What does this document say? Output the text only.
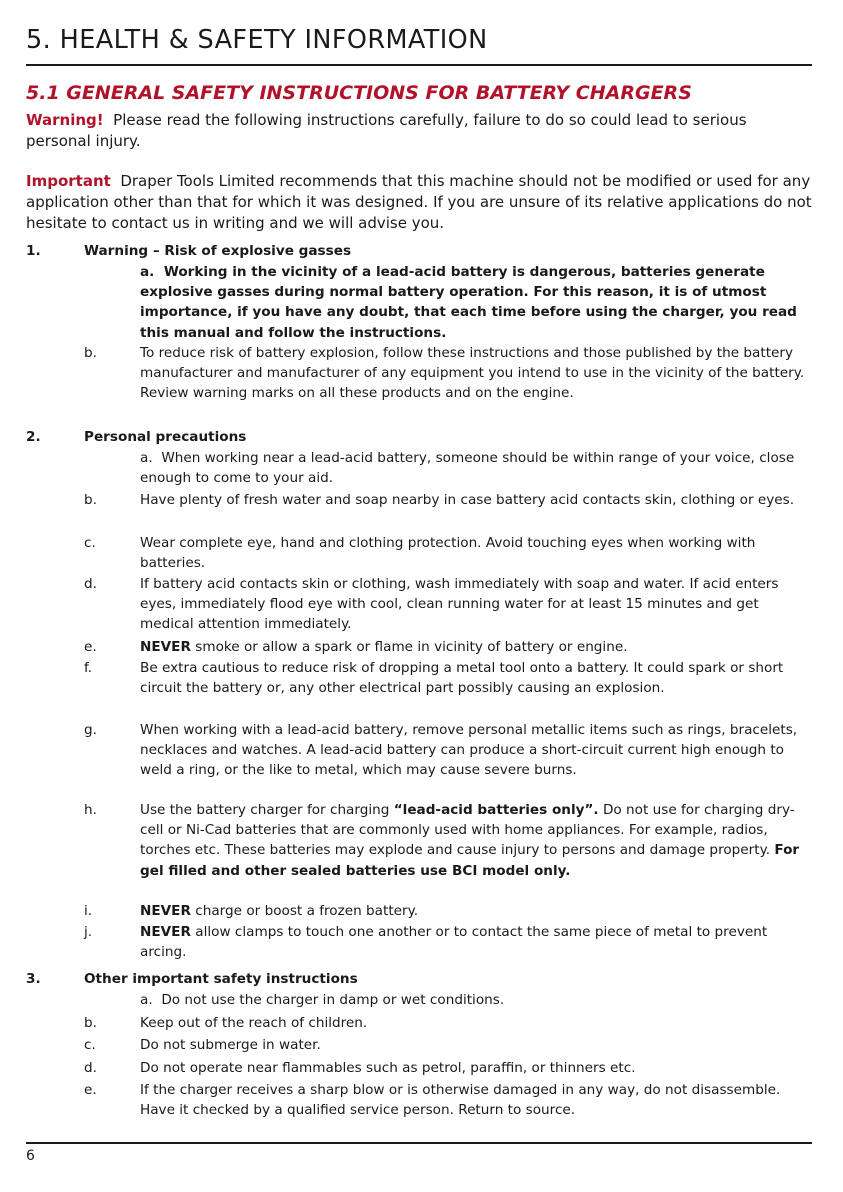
5. HEALTH & SAFETY INFORMATION
5.1 GENERAL SAFETY INSTRUCTIONS FOR BATTERY CHARGERS

Warning! Please read the following instructions carefully, failure to do so could lead to serious personal injury.

Important Draper Tools Limited recommends that this machine should not be modified or used for any application other than that for which it was designed. If you are unsure of its relative applications do not hesitate to contact us in writing and we will advise you.

1.	Warning – Risk of explosive gasses
a. Working in the vicinity of a lead-acid battery is dangerous, batteries generate explosive gasses during normal battery operation. For this reason, it is of utmost importance, if you have any doubt, that each time before using the charger, you read this manual and follow the instructions.
b.	To reduce risk of battery explosion, follow these instructions and those published by the battery manufacturer and manufacturer of any equipment you intend to use in the vicinity of the battery. Review warning marks on all these products and on the engine.
2.	Personal precautions
a. When working near a lead-acid battery, someone should be within range of your voice, close enough to come to your aid.
b.	Have plenty of fresh water and soap nearby in case battery acid contacts skin, clothing or eyes.
c.	Wear complete eye, hand and clothing protection. Avoid touching eyes when working with batteries.
d.	If battery acid contacts skin or clothing, wash immediately with soap and water. If acid enters eyes, immediately flood eye with cool, clean running water for at least 15 minutes and get medical attention immediately.
e.	NEVER smoke or allow a spark or flame in vicinity of battery or engine.
f.	Be extra cautious to reduce risk of dropping a metal tool onto a battery. It could spark or short circuit the battery or, any other electrical part possibly causing an explosion.
g.	When working with a lead-acid battery, remove personal metallic items such as rings, bracelets, necklaces and watches. A lead-acid battery can produce a short-circuit current high enough to weld a ring, or the like to metal, which may cause severe burns.
h.	Use the battery charger for charging “lead-acid batteries only”. Do not use for charging dry-cell or Ni-Cad batteries that are commonly used with home appliances. For example, radios, torches etc. These batteries may explode and cause injury to persons and damage property. For gel filled and other sealed batteries use BCI model only.
i.	NEVER charge or boost a frozen battery.
j.	NEVER allow clamps to touch one another or to contact the same piece of metal to prevent arcing.
3.	Other important safety instructions
a. Do not use the charger in damp or wet conditions.
b.	Keep out of the reach of children.
c.	Do not submerge in water.
d.	Do not operate near flammables such as petrol, paraffin, or thinners etc.
e.	If the charger receives a sharp blow or is otherwise damaged in any way, do not disassemble. Have it checked by a qualified service person. Return to source.
6
